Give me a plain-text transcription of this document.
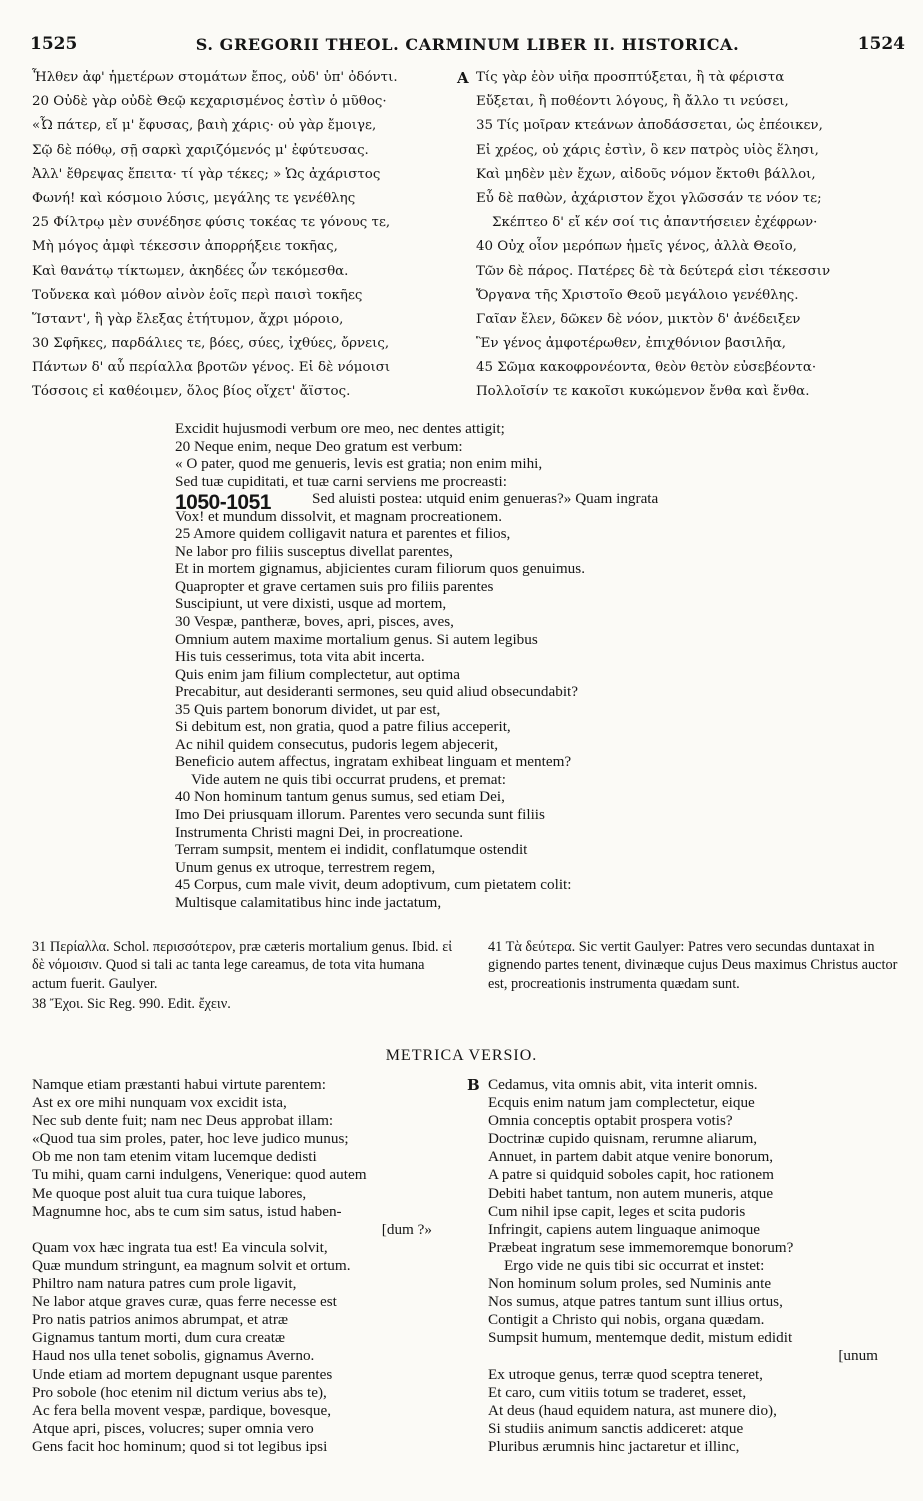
1525	S. GREGORII THEOL. CARMINUM LIBER II. HISTORICA.	1524
Ἦλθεν ἀφ' ἡμετέρων στομάτων ἔπος, οὐδ' ὑπ' ὀδόντι.
20 Οὐδὲ γὰρ οὐδὲ Θεῷ κεχαρισμένος ἐστὶν ὁ μῦθος·
«Ὦ πάτερ, εἴ μ' ἔφυσας, βαιὴ χάρις· οὐ γὰρ ἔμοιγε,
Σῷ δὲ πόθῳ, σῇ σαρκὶ χαριζόμενός μ' ἐφύτευσας.
Ἀλλ' ἔθρεψας ἔπειτα· τί γὰρ τέκες; » Ὡς ἀχάριστος
Φωνή! καὶ κόσμοιο λύσις, μεγάλης τε γενέθλης
25 Φίλτρῳ μὲν συνέδησε φύσις τοκέας τε γόνους τε,
Μὴ μόγος ἀμφὶ τέκεσσιν ἀπορρήξειε τοκῆας,
Καὶ θανάτῳ τίκτωμεν, ἀκηδέες ὧν τεκόμεσθα.
Τοὔνεκα καὶ μόθον αἰνὸν ἑοῖς περὶ παισὶ τοκῆες
Ἵσταντ', ἣ γὰρ ἔλεξας ἐτήτυμον, ἄχρι μόροιο,
30 Σφῆκες, παρδάλιες τε, βόες, σύες, ἰχθύες, ὄρνεις,
Πάντων δ' αὖ περίαλλα βροτῶν γένος. Εἰ δὲ νόμοισι
Τόσσοις εἰ καθέοιμεν, ὅλος βίος οἴχετ' ἄϊστος.
A Τίς γὰρ ἑὸν υἱῆα προσπτύξεται, ἢ τὰ φέριστα
Εὔξεται, ἢ ποθέοντι λόγους, ἢ ἄλλο τι νεύσει,
35 Τίς μοῖραν κτεάνων ἀποδάσσεται, ὡς ἐπέοικεν,
Εἰ χρέος, οὐ χάρις ἐστὶν, ὃ κεν πατρὸς υἱὸς ἕλησι,
Καὶ μηδὲν μὲν ἔχων, αἰδοῦς νόμον ἔκτοθι βάλλοι,
Εὖ δὲ παθὼν, ἀχάριστον ἔχοι γλῶσσάν τε νόον τε;
Σκέπτεο δ' εἴ κέν σοί τις ἀπαντήσειεν ἐχέφρων·
40 Οὐχ οἷον μερόπων ἡμεῖς γένος, ἀλλὰ Θεοῖο,
Τῶν δὲ πάρος. Πατέρες δὲ τὰ δεύτερά εἰσι τέκεσσιν
Ὄργανα τῆς Χριστοῖο Θεοῦ μεγάλοιο γενέθλης.
Γαῖαν ἔλεν, δῶκεν δὲ νόον, μικτὸν δ' ἀνέδειξεν
Ἓν γένος ἀμφοτέρωθεν, ἐπιχθόνιον βασιλῆα,
45 Σῶμα κακοφρονέοντα, θεὸν θετὸν εὐσεβέοντα·
Πολλοῖσίν τε κακοῖσι κυκώμενον ἔνθα καὶ ἔνθα.
Excidit hujusmodi verbum ore meo, nec dentes attigit;
20 Neque enim, neque Deo gratum est verbum:
« O pater, quod me genueris, levis est gratia; non enim mihi,
Sed tuæ cupiditati, et tuæ carni serviens me procreasti:
Sed aluisti postea: utquid enim genueras?» Quam ingrata
Vox! et mundum dissolvit, et magnam procreationem.
25 Amore quidem colligavit natura et parentes et filios,
Ne labor pro filiis susceptus divellat parentes,
Et in mortem gignamus, abjicientes curam filiorum quos genuimus.
Quapropter et grave certamen suis pro filiis parentes
Suscipiunt, ut vere dixisti, usque ad mortem,
30 Vespæ, pantheræ, boves, apri, pisces, aves,
Omnium autem maxime mortalium genus. Si autem legibus
His tuis cesserimus, tota vita abit incerta.
Quis enim jam filium complectetur, aut optima
Precabitur, aut desideranti sermones, seu quid aliud obsecundabit?
35 Quis partem bonorum dividet, ut par est,
Si debitum est, non gratia, quod a patre filius acceperit,
Ac nihil quidem consecutus, pudoris legem abjecerit,
Beneficio autem affectus, ingratam exhibeat linguam et mentem?
Vide autem ne quis tibi occurrat prudens, et premat:
40 Non hominum tantum genus sumus, sed etiam Dei,
Imo Dei priusquam illorum. Parentes vero secunda sunt filiis
Instrumenta Christi magni Dei, in procreatione.
Terram sumpsit, mentem ei indidit, conflatumque ostendit
Unum genus ex utroque, terrestrem regem,
45 Corpus, cum male vivit, deum adoptivum, cum pietatem colit:
Multisque calamitatibus hinc inde jactatum,
1050-1051

31 Περίαλλα. Schol. περισσότερον, præ cæteris mortalium genus. Ibid. εἰ δὲ νόμοισιν. Quod si tali ac tanta lege careamus, de tota vita humana actum fuerit. Gaulyer.

38 Ἔχοι. Sic Reg. 990. Edit. ἔχειν.

41 Τὰ δεύτερα. Sic vertit Gaulyer: Patres vero secundas duntaxat in gignendo partes tenent, divinæque cujus Deus maximus Christus auctor est, procreationis instrumenta quædam sunt.

METRICA VERSIO.
Namque etiam præstanti habui virtute parentem:
Ast ex ore mihi nunquam vox excidit ista,
Nec sub dente fuit; nam nec Deus approbat illam:
«Quod tua sim proles, pater, hoc leve judico munus;
Ob me non tam etenim vitam lucemque dedisti
Tu mihi, quam carni indulgens, Venerique: quod autem
Me quoque post aluit tua cura tuique labores,
Magnumne hoc, abs te cum sim satus, istud haben-
[dum ?»
Quam vox hæc ingrata tua est! Ea vincula solvit,
Quæ mundum stringunt, ea magnum solvit et ortum.
Philtro nam natura patres cum prole ligavit,
Ne labor atque graves curæ, quas ferre necesse est
Pro natis patrios animos abrumpat, et atræ
Gignamus tantum morti, dum cura creatæ
Haud nos ulla tenet sobolis, gignamus Averno.
Unde etiam ad mortem depugnant usque parentes
Pro sobole (hoc etenim nil dictum verius abs te),
Ac fera bella movent vespæ, pardique, bovesque,
Atque apri, pisces, volucres; super omnia vero
Gens facit hoc hominum; quod si tot legibus ipsi
B Cedamus, vita omnis abit, vita interit omnis.
Ecquis enim natum jam complectetur, eique
Omnia conceptis optabit prospera votis?
Doctrinæ cupido quisnam, rerumne aliarum,
Annuet, in partem dabit atque venire bonorum,
A patre si quidquid soboles capit, hoc rationem
Debiti habet tantum, non autem muneris, atque
Cum nihil ipse capit, leges et scita pudoris
Infringit, capiens autem linguaque animoque
Præbeat ingratum sese immemoremque bonorum?
Ergo vide ne quis tibi sic occurrat et instet:
Non hominum solum proles, sed Numinis ante
Nos sumus, atque patres tantum sunt illius ortus,
Contigit a Christo qui nobis, organa quædam.
Sumpsit humum, mentemque dedit, mistum edidit
[unum
Ex utroque genus, terræ quod sceptra teneret,
Et caro, cum vitiis totum se traderet, esset,
At deus (haud equidem natura, ast munere dio),
Si studiis animum sanctis addiceret: atque
Pluribus ærumnis hinc jactaretur et illinc,
